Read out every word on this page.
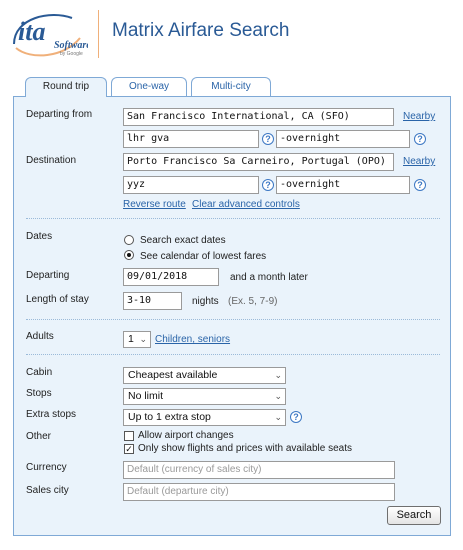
ita Software
by Google
Matrix Airfare Search
Round trip	One-way	Multi-city
Departing from	San Francisco International, CA (SFO)	Nearby
lhr gva	? -overnight	?
Destination	Porto Francisco Sa Carneiro, Portugal (OPO)	Nearby
yyz	? -overnight	?
Reverse route Clear advanced controls
Dates	Search exact dates
See calendar of lowest fares
Departing	09/01/2018	and a month later
Length of stay	3-10	nights (Ex. 5, 7-9)
Adults	1 ⌄ Children, seniors
Cabin	Cheapest available	⌄
Stops	No limit	⌄
Extra stops	Up to 1 extra stop	⌄	?
Other	Allow airport changes
✓ Only show flights and prices with available seats
Currency	Default (currency of sales city)
Sales city	Default (departure city)
Search
